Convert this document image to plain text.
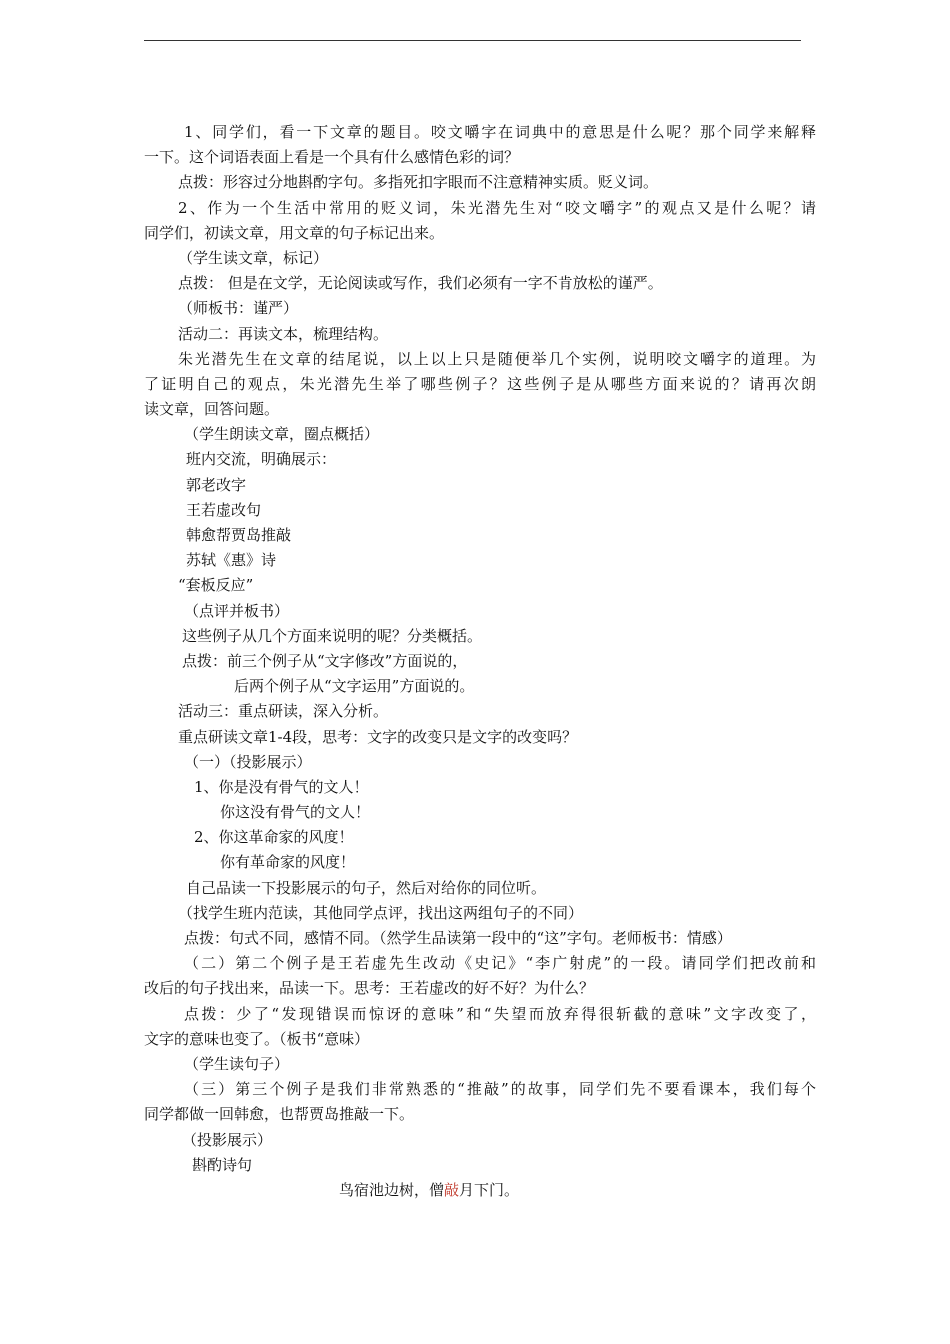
1、同学们，看一下文章的题目。咬文嚼字在词典中的意思是什么呢？那个同学来解释
一下。这个词语表面上看是一个具有什么感情色彩的词？
点拨：形容过分地斟酌字句。多指死扣字眼而不注意精神实质。贬义词。
2、作为一个生活中常用的贬义词，朱光潜先生对“咬文嚼字”的观点又是什么呢？请
同学们，初读文章，用文章的句子标记出来。
（学生读文章，标记）
点拨： 但是在文学，无论阅读或写作，我们必须有一字不肯放松的谨严。
（师板书：谨严）
活动二：再读文本，梳理结构。
朱光潜先生在文章的结尾说，以上以上只是随便举几个实例，说明咬文嚼字的道理。为
了证明自己的观点，朱光潜先生举了哪些例子？这些例子是从哪些方面来说的？请再次朗
读文章，回答问题。
（学生朗读文章，圈点概括）
班内交流，明确展示：
郭老改字
王若虚改句
韩愈帮贾岛推敲
苏轼《惠》诗
“套板反应”
（点评并板书）
这些例子从几个方面来说明的呢？分类概括。
点拨：前三个例子从“文字修改”方面说的，
后两个例子从“文字运用”方面说的。
活动三：重点研读，深入分析。
重点研读文章1-4段，思考：文字的改变只是文字的改变吗？
（一）（投影展示）
1、你是没有骨气的文人！
你这没有骨气的文人！
2、你这革命家的风度！
你有革命家的风度！
自己品读一下投影展示的句子，然后对给你的同位听。
（找学生班内范读，其他同学点评，找出这两组句子的不同）
点拨：句式不同，感情不同。（然学生品读第一段中的“这”字句。老师板书：情感）
（二）第二个例子是王若虚先生改动《史记》“李广射虎”的一段。请同学们把改前和
改后的句子找出来，品读一下。思考：王若虚改的好不好？为什么？
点拨：少了“发现错误而惊讶的意味”和“失望而放弃得很斩截的意味”文字改变了，
文字的意味也变了。（板书“意味）
（学生读句子）
（三）第三个例子是我们非常熟悉的“推敲”的故事，同学们先不要看课本，我们每个
同学都做一回韩愈，也帮贾岛推敲一下。
（投影展示）
斟酌诗句
鸟宿池边树，僧敲月下门。
